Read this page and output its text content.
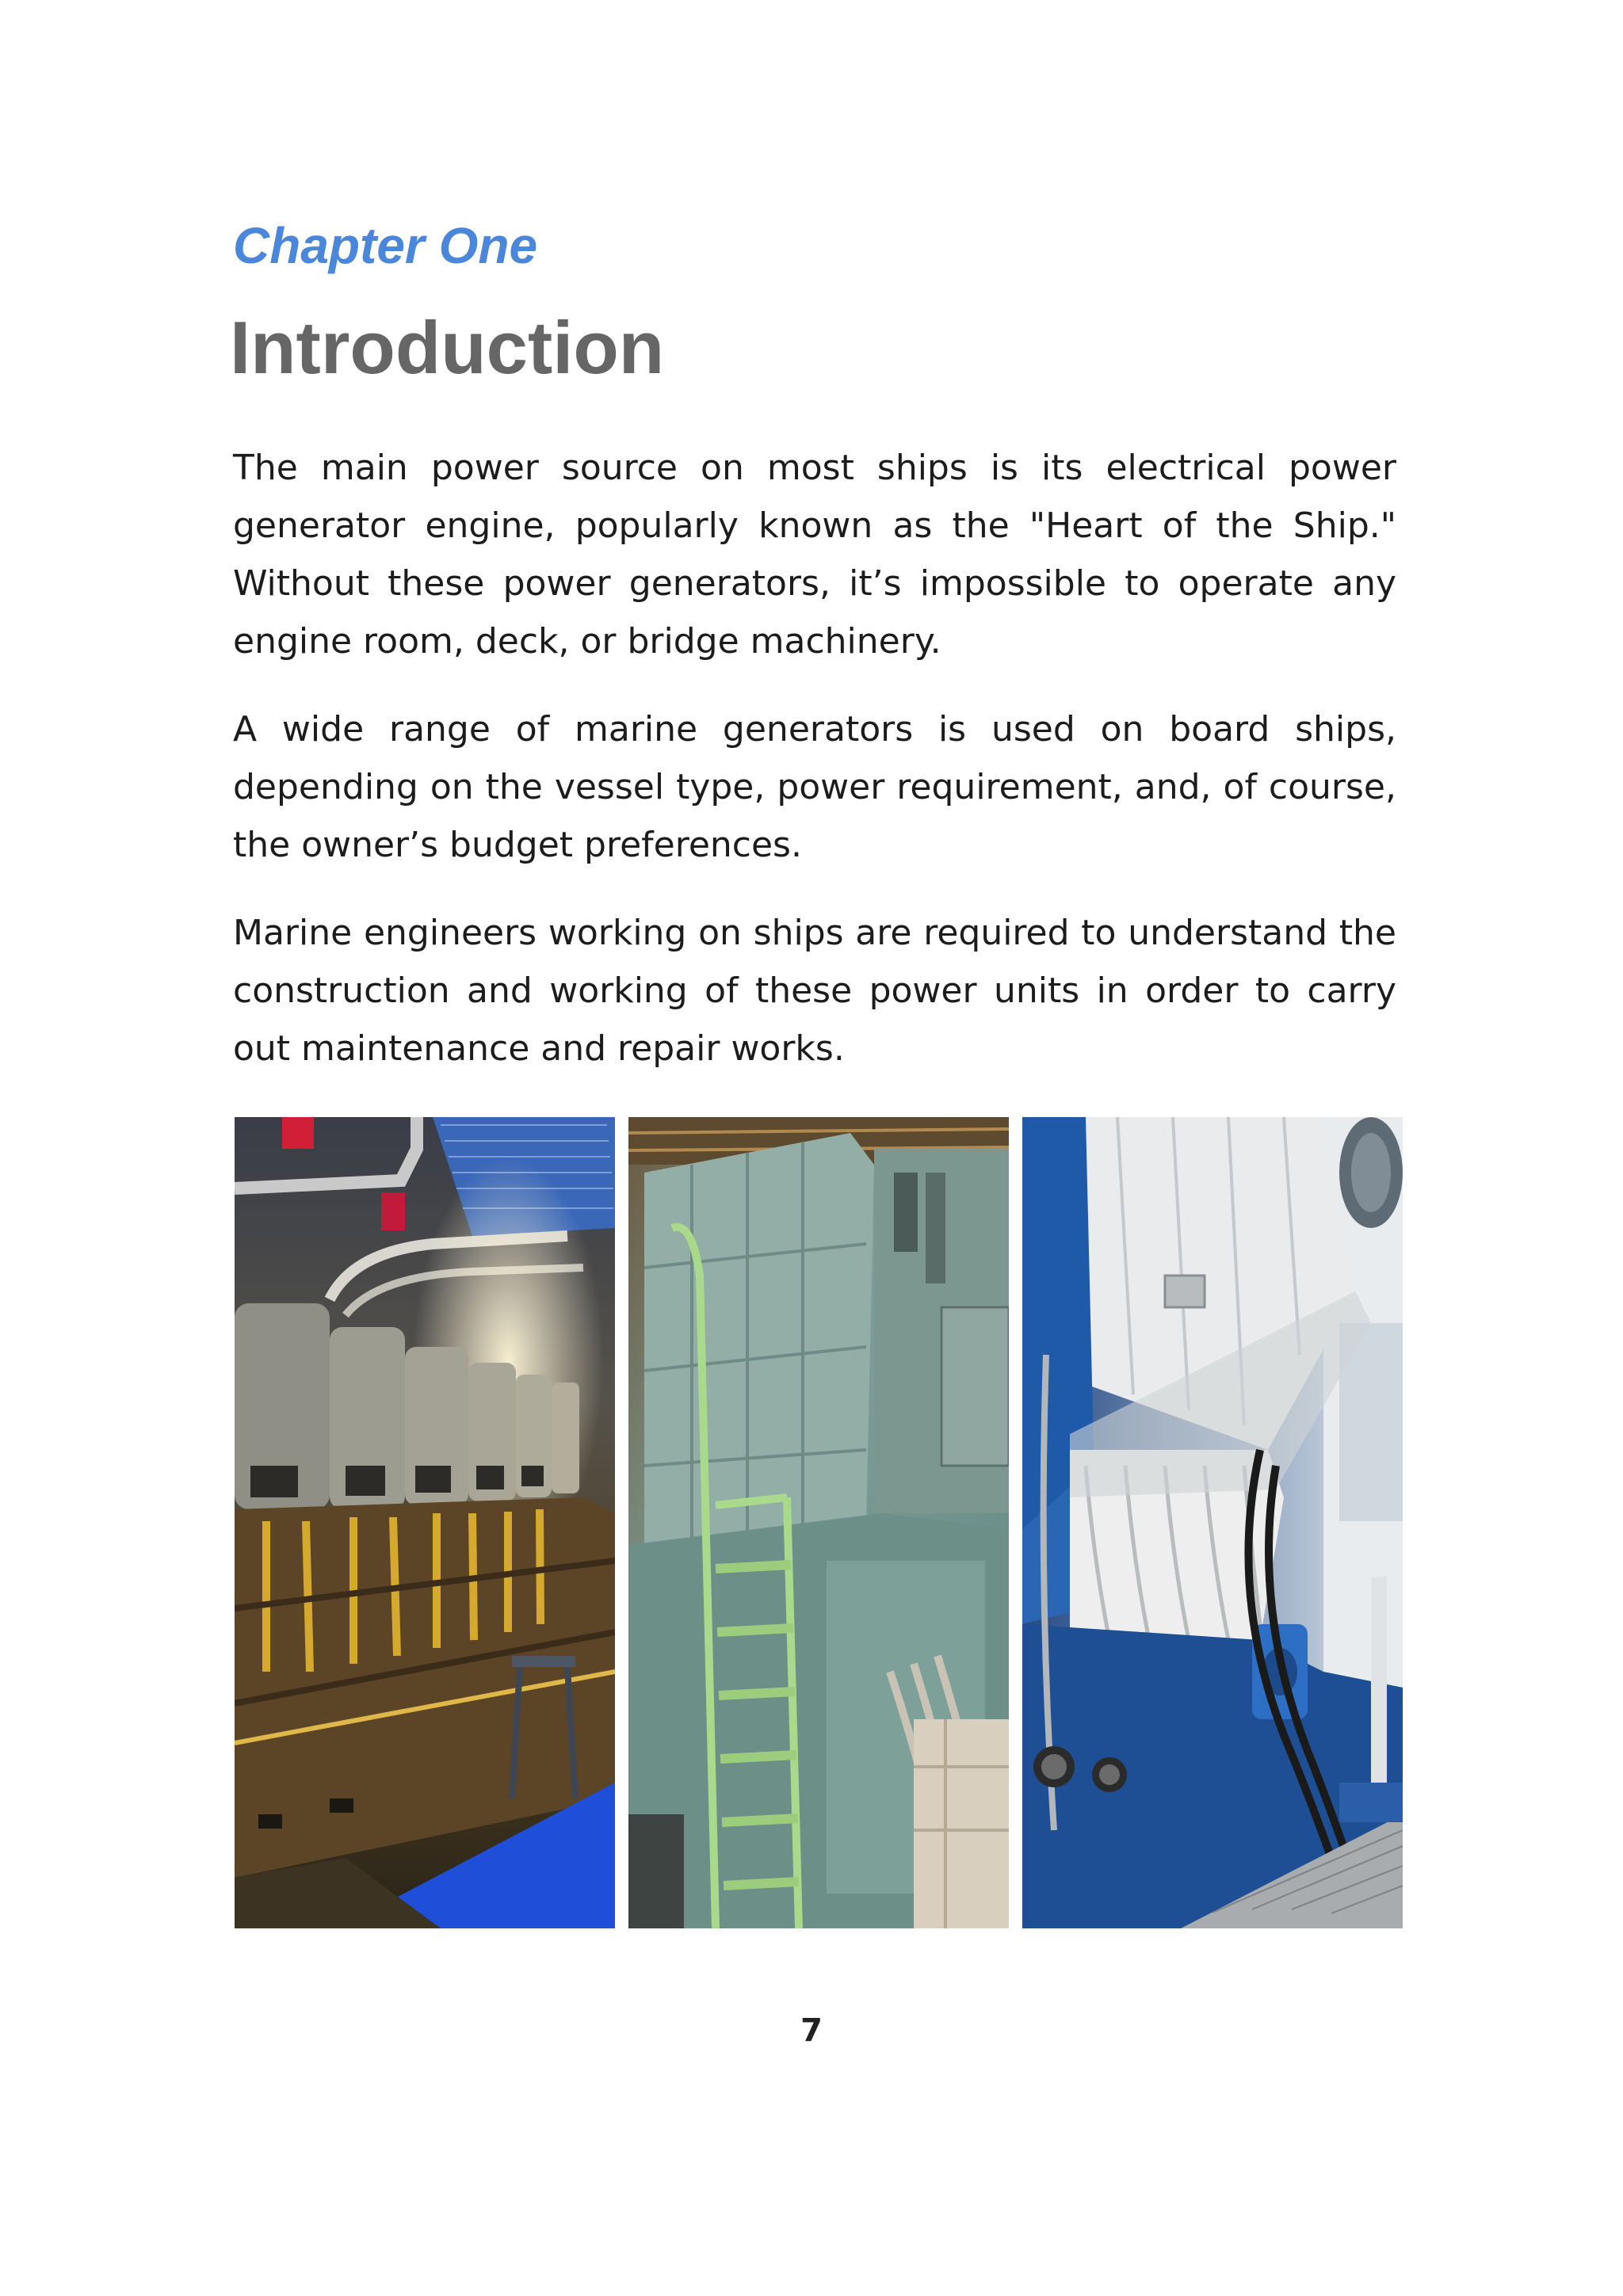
Chapter One
Introduction

The main power source on most ships is its electrical power generator engine, popularly known as the "Heart of the Ship." Without these power generators, it’s impossible to operate any engine room, deck, or bridge machinery.

A wide range of marine generators is used on board ships, depending on the vessel type, power requirement, and, of course, the owner’s budget preferences.

Marine engineers working on ships are required to understand the construction and working of these power units in order to carry out maintenance and repair works.

7
